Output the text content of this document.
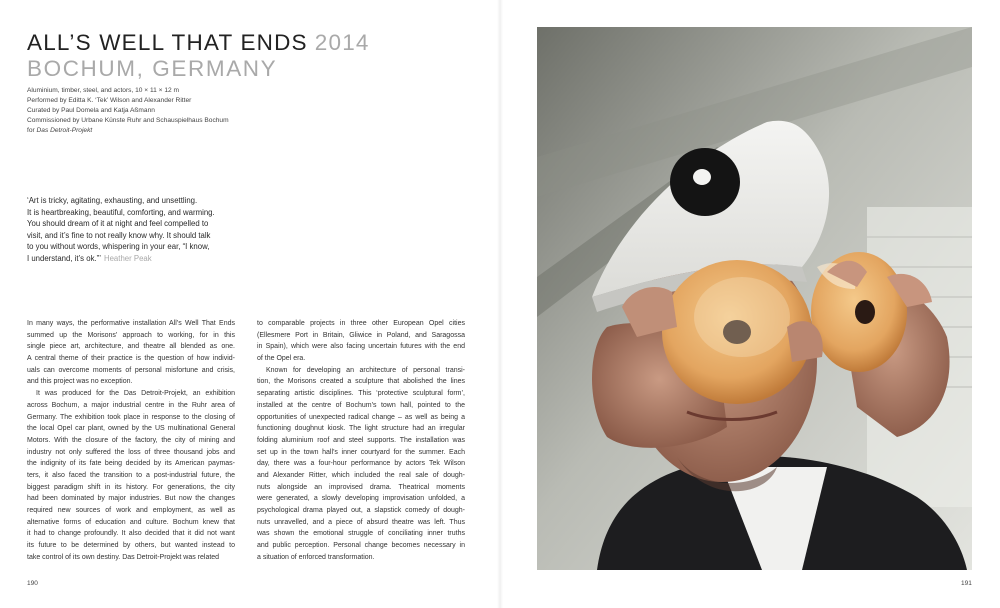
ALL’S WELL THAT ENDS 2014
BOCHUM, GERMANY
Aluminium, timber, steel, and actors, 10 × 11 × 12 m
Performed by Editta K. ‘Tek’ Wilson and Alexander Ritter
Curated by Paul Domela and Katja Aßmann
Commissioned by Urbane Künste Ruhr and Schauspielhaus Bochum
for Das Detroit-Projekt
‘Art is tricky, agitating, exhausting, and unsettling.
It is heartbreaking, beautiful, comforting, and warming.
You should dream of it at night and feel compelled to
visit, and it’s fine to not really know why. It should talk
to you without words, whispering in your ear, “I know,
I understand, it’s ok.”’ Heather Peak
In many ways, the performative installation All’s Well That Ends
summed up the Morisons’ approach to working, for in this
single piece art, architecture, and theatre all blended as one.
A central theme of their practice is the question of how individ-
uals can overcome moments of personal misfortune and crisis,
and this project was no exception.
It was produced for the Das Detroit-Projekt, an exhibition
across Bochum, a major industrial centre in the Ruhr area of
Germany. The exhibition took place in response to the closing of
the local Opel car plant, owned by the US multinational General
Motors. With the closure of the factory, the city of mining and
industry not only suffered the loss of three thousand jobs and
the indignity of its fate being decided by its American paymas-
ters, it also faced the transition to a post-industrial future, the
biggest paradigm shift in its history. For generations, the city
had been dominated by major industries. But now the changes
required new sources of work and employment, as well as
alternative forms of education and culture. Bochum knew that
it had to change profoundly. It also decided that it did not want
its future to be determined by others, but wanted instead to
take control of its own destiny. Das Detroit-Projekt was related
to comparable projects in three other European Opel cities
(Ellesmere Port in Britain, Gliwice in Poland, and Saragossa
in Spain), which were also facing uncertain futures with the end
of the Opel era.
Known for developing an architecture of personal transi-
tion, the Morisons created a sculpture that abolished the lines
separating artistic disciplines. This ‘protective sculptural form’,
installed at the centre of Bochum’s town hall, pointed to the
opportunities of unexpected radical change – as well as being a
functioning doughnut kiosk. The light structure had an irregular
folding aluminium roof and steel supports. The installation was
set up in the town hall’s inner courtyard for the summer. Each
day, there was a four-hour performance by actors Tek Wilson
and Alexander Ritter, which included the real sale of dough-
nuts alongside an improvised drama. Theatrical moments
were generated, a slowly developing improvisation unfolded, a
psychological drama played out, a slapstick comedy of dough-
nuts unravelled, and a piece of absurd theatre was left. Thus
was shown the emotional struggle of conciliating inner truths
and public perception. Personal change becomes necessary in
a situation of enforced transformation.
190	191
